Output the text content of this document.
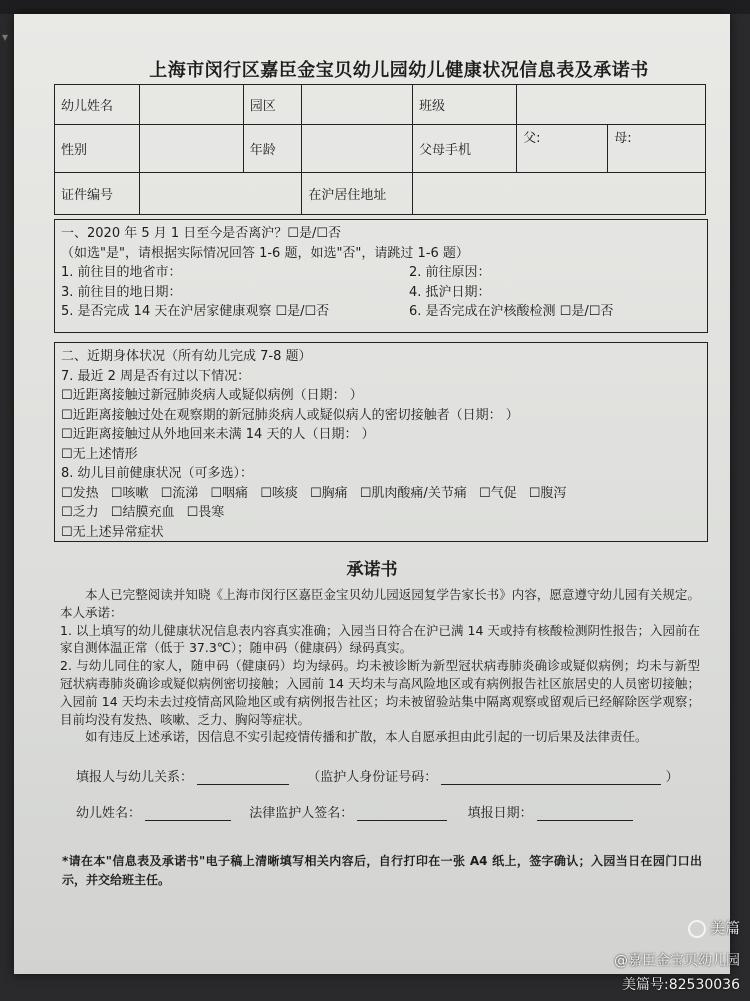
▾
上海市闵行区嘉臣金宝贝幼儿园幼儿健康状况信息表及承诺书
幼儿姓名		园区		班级		
性别		年龄		父母手机	父:	母:
证件编号			在沪居住地址			
一、2020 年 5 月 1 日至今是否离沪？☐是/☐否
（如选"是"，请根据实际情况回答 1-6 题，如选"否"，请跳过 1-6 题）
1. 前往目的地省市：	2. 前往原因：
3. 前往目的地日期：	4. 抵沪日期：
5. 是否完成 14 天在沪居家健康观察 ☐是/☐否	6. 是否完成在沪核酸检测 ☐是/☐否
二、近期身体状况（所有幼儿完成 7-8 题）
7. 最近 2 周是否有过以下情况：
☐近距离接触过新冠肺炎病人或疑似病例（日期： ）
☐近距离接触过处在观察期的新冠肺炎病人或疑似病人的密切接触者（日期： ）
☐近距离接触过从外地回来未满 14 天的人（日期： ）
☐无上述情形
8. 幼儿目前健康状况（可多选）：
☐发热 ☐咳嗽 ☐流涕 ☐咽痛 ☐咳痰 ☐胸痛 ☐肌肉酸痛/关节痛 ☐气促 ☐腹泻
☐乏力 ☐结膜充血 ☐畏寒
☐无上述异常症状
承诺书

本人已完整阅读并知晓《上海市闵行区嘉臣金宝贝幼儿园返园复学告家长书》内容，愿意遵守幼儿园有关规定。本人承诺：

1. 以上填写的幼儿健康状况信息表内容真实准确；入园当日符合在沪已满 14 天或持有核酸检测阴性报告；入园前在家自测体温正常（低于 37.3℃）；随申码（健康码）绿码真实。

2. 与幼儿同住的家人，随申码（健康码）均为绿码。均未被诊断为新型冠状病毒肺炎确诊或疑似病例；均未与新型冠状病毒肺炎确诊或疑似病例密切接触；入园前 14 天均未与高风险地区或有病例报告社区旅居史的人员密切接触；入园前 14 天均未去过疫情高风险地区或有病例报告社区；均未被留验站集中隔离观察或留观后已经解除医学观察；目前均没有发热、咳嗽、乏力、胸闷等症状。

如有违反上述承诺，因信息不实引起疫情传播和扩散，本人自愿承担由此引起的一切后果及法律责任。

填报人与幼儿关系：	（监护人身份证号码：	）
幼儿姓名：	法律监护人签名：	填报日期：
*请在本"信息表及承诺书"电子稿上清晰填写相关内容后，自行打印在一张 A4 纸上，签字确认；入园当日在园门口出示，并交给班主任。
美篇
@嘉臣金宝贝幼儿园
美篇号:82530036
